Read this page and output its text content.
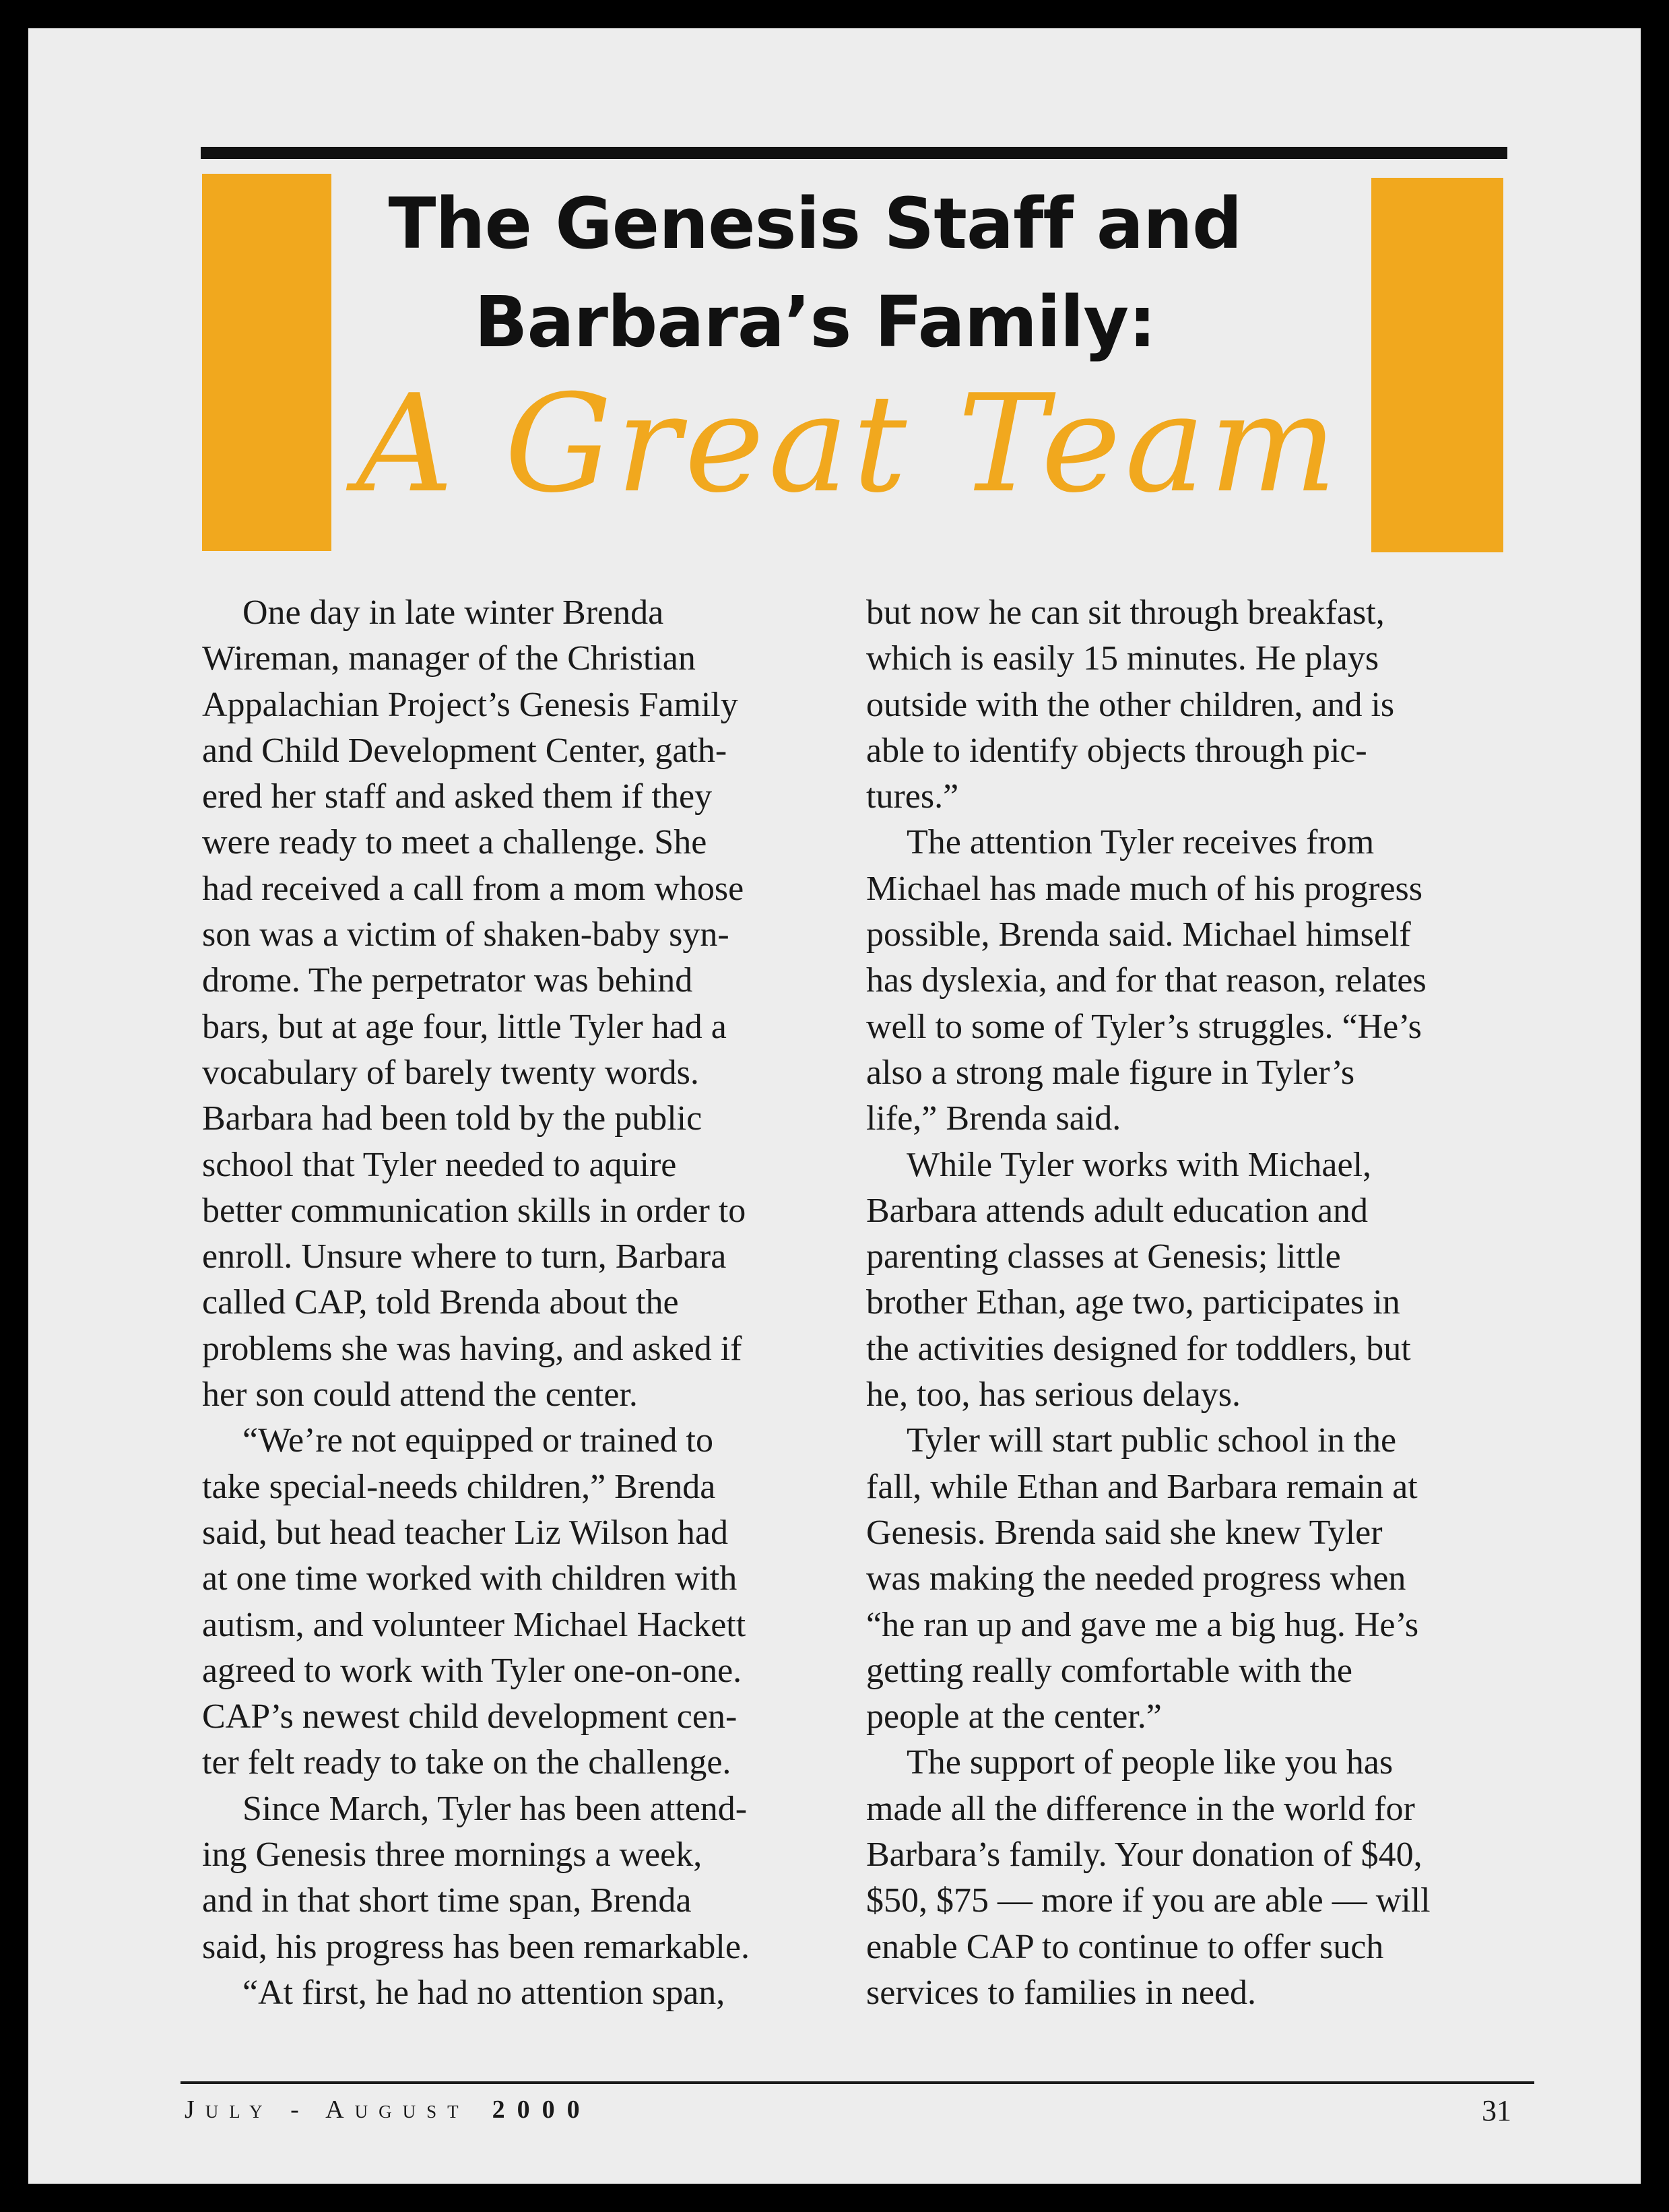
The Genesis Staff and
Barbara’s Family:
A Great Team

One day in late winter Brenda
Wireman, manager of the Christian
Appalachian Project’s Genesis Family
and Child Development Center, gath-
ered her staff and asked them if they
were ready to meet a challenge. She
had received a call from a mom whose
son was a victim of shaken-baby syn-
drome. The perpetrator was behind
bars, but at age four, little Tyler had a
vocabulary of barely twenty words.
Barbara had been told by the public
school that Tyler needed to aquire
better communication skills in order to
enroll. Unsure where to turn, Barbara
called CAP, told Brenda about the
problems she was having, and asked if
her son could attend the center.

“We’re not equipped or trained to
take special-needs children,” Brenda
said, but head teacher Liz Wilson had
at one time worked with children with
autism, and volunteer Michael Hackett
agreed to work with Tyler one-on-one.
CAP’s newest child development cen-
ter felt ready to take on the challenge.

Since March, Tyler has been attend-
ing Genesis three mornings a week,
and in that short time span, Brenda
said, his progress has been remarkable.

“At first, he had no attention span,

but now he can sit through breakfast,
which is easily 15 minutes. He plays
outside with the other children, and is
able to identify objects through pic-
tures.”

The attention Tyler receives from
Michael has made much of his progress
possible, Brenda said. Michael himself
has dyslexia, and for that reason, relates
well to some of Tyler’s struggles. “He’s
also a strong male figure in Tyler’s
life,” Brenda said.

While Tyler works with Michael,
Barbara attends adult education and
parenting classes at Genesis; little
brother Ethan, age two, participates in
the activities designed for toddlers, but
he, too, has serious delays.

Tyler will start public school in the
fall, while Ethan and Barbara remain at
Genesis. Brenda said she knew Tyler
was making the needed progress when
“he ran up and gave me a big hug. He’s
getting really comfortable with the
people at the center.”

The support of people like you has
made all the difference in the world for
Barbara’s family. Your donation of $40,
$50, $75 — more if you are able — will
enable CAP to continue to offer such
services to families in need.

July - August 2000	31
